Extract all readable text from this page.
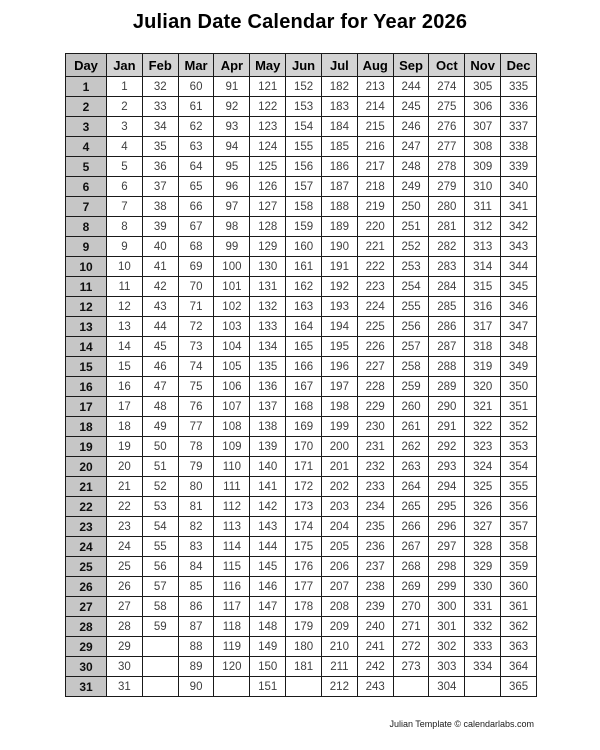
Julian Date Calendar for Year 2026
Day	Jan	Feb	Mar	Apr	May	Jun	Jul	Aug	Sep	Oct	Nov	Dec
1	1	32	60	91	121	152	182	213	244	274	305	335
2	2	33	61	92	122	153	183	214	245	275	306	336
3	3	34	62	93	123	154	184	215	246	276	307	337
4	4	35	63	94	124	155	185	216	247	277	308	338
5	5	36	64	95	125	156	186	217	248	278	309	339
6	6	37	65	96	126	157	187	218	249	279	310	340
7	7	38	66	97	127	158	188	219	250	280	311	341
8	8	39	67	98	128	159	189	220	251	281	312	342
9	9	40	68	99	129	160	190	221	252	282	313	343
10	10	41	69	100	130	161	191	222	253	283	314	344
11	11	42	70	101	131	162	192	223	254	284	315	345
12	12	43	71	102	132	163	193	224	255	285	316	346
13	13	44	72	103	133	164	194	225	256	286	317	347
14	14	45	73	104	134	165	195	226	257	287	318	348
15	15	46	74	105	135	166	196	227	258	288	319	349
16	16	47	75	106	136	167	197	228	259	289	320	350
17	17	48	76	107	137	168	198	229	260	290	321	351
18	18	49	77	108	138	169	199	230	261	291	322	352
19	19	50	78	109	139	170	200	231	262	292	323	353
20	20	51	79	110	140	171	201	232	263	293	324	354
21	21	52	80	111	141	172	202	233	264	294	325	355
22	22	53	81	112	142	173	203	234	265	295	326	356
23	23	54	82	113	143	174	204	235	266	296	327	357
24	24	55	83	114	144	175	205	236	267	297	328	358
25	25	56	84	115	145	176	206	237	268	298	329	359
26	26	57	85	116	146	177	207	238	269	299	330	360
27	27	58	86	117	147	178	208	239	270	300	331	361
28	28	59	87	118	148	179	209	240	271	301	332	362
29	29		88	119	149	180	210	241	272	302	333	363
30	30		89	120	150	181	211	242	273	303	334	364
31	31		90		151		212	243		304		365
Julian Template © calendarlabs.com
